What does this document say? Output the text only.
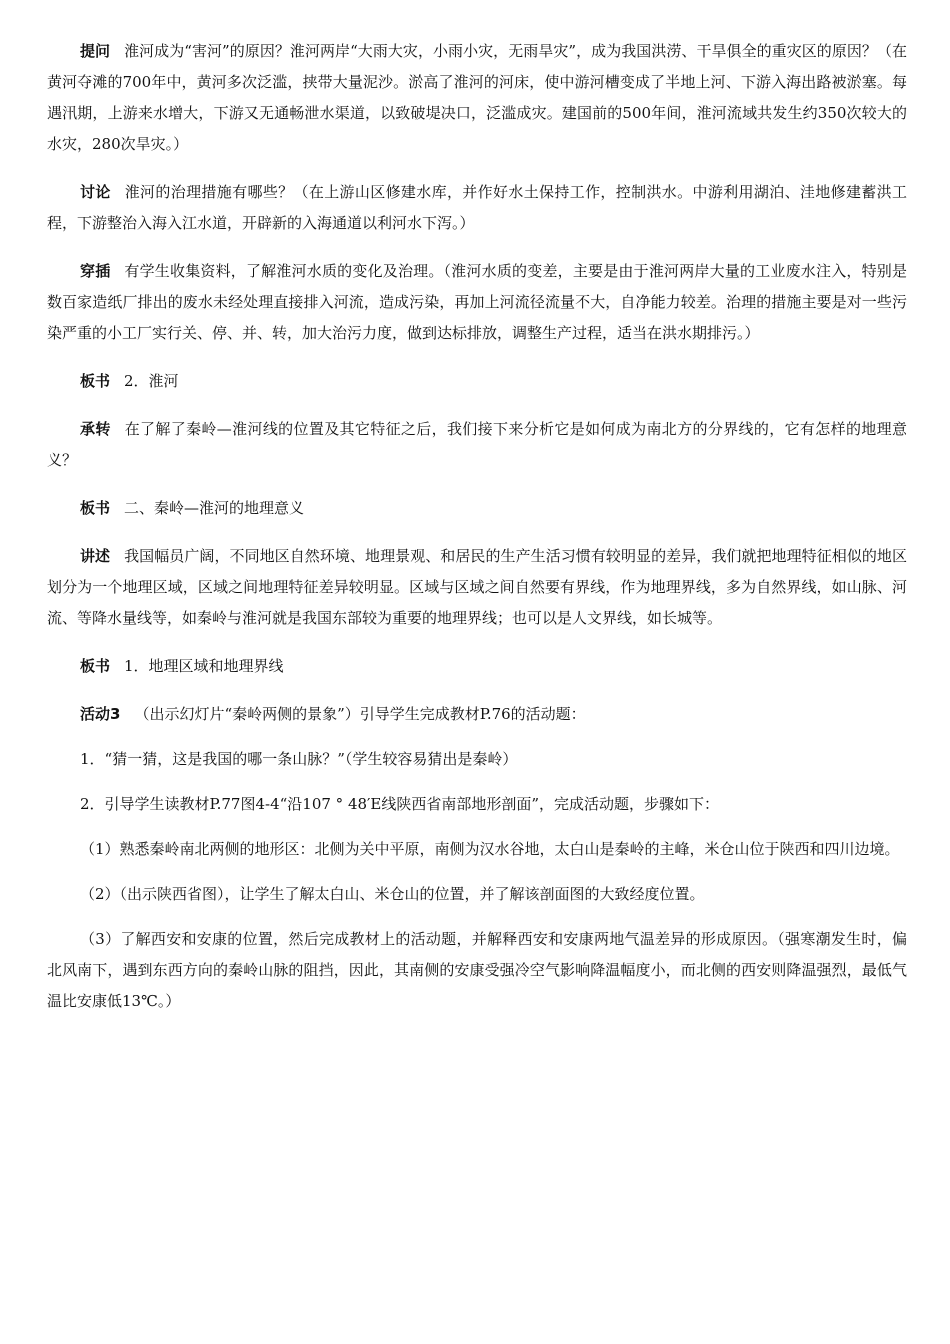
提问 淮河成为“害河”的原因？淮河两岸“大雨大灾，小雨小灾，无雨旱灾”，成为我国洪涝、干旱俱全的重灾区的原因？（在黄河夺滩的700年中，黄河多次泛滥，挟带大量泥沙。淤高了淮河的河床，使中游河槽变成了半地上河、下游入海出路被淤塞。每遇汛期，上游来水增大，下游又无通畅泄水渠道，以致破堤决口，泛滥成灾。建国前的500年间，淮河流域共发生约350次较大的水灾，280次旱灾。）

讨论 淮河的治理措施有哪些？（在上游山区修建水库，并作好水土保持工作，控制洪水。中游利用湖泊、洼地修建蓄洪工程，下游整治入海入江水道，开辟新的入海通道以利河水下泻。）

穿插 有学生收集资料，了解淮河水质的变化及治理。（淮河水质的变差，主要是由于淮河两岸大量的工业废水注入，特别是数百家造纸厂排出的废水未经处理直接排入河流，造成污染，再加上河流径流量不大，自净能力较差。治理的措施主要是对一些污染严重的小工厂实行关、停、并、转，加大治污力度，做到达标排放，调整生产过程，适当在洪水期排污。）

板书 2．淮河

承转 在了解了秦岭—淮河线的位置及其它特征之后，我们接下来分析它是如何成为南北方的分界线的，它有怎样的地理意义？

板书 二、秦岭—淮河的地理意义

讲述 我国幅员广阔，不同地区自然环境、地理景观、和居民的生产生活习惯有较明显的差异，我们就把地理特征相似的地区划分为一个地理区域，区域之间地理特征差异较明显。区域与区域之间自然要有界线，作为地理界线，多为自然界线，如山脉、河流、等降水量线等，如秦岭与淮河就是我国东部较为重要的地理界线；也可以是人文界线，如长城等。

板书 1．地理区域和地理界线

活动3 （出示幻灯片“秦岭两侧的景象”）引导学生完成教材P.76的活动题：

1．“猜一猜，这是我国的哪一条山脉？”（学生较容易猜出是秦岭）

2．引导学生读教材P.77图4-4“沿107 ° 48′E线陕西省南部地形剖面”，完成活动题，步骤如下：

（1）熟悉秦岭南北两侧的地形区：北侧为关中平原，南侧为汉水谷地，太白山是秦岭的主峰，米仓山位于陕西和四川边境。

（2）（出示陕西省图），让学生了解太白山、米仓山的位置，并了解该剖面图的大致经度位置。

（3）了解西安和安康的位置，然后完成教材上的活动题，并解释西安和安康两地气温差异的形成原因。（强寒潮发生时，偏北风南下，遇到东西方向的秦岭山脉的阻挡，因此，其南侧的安康受强冷空气影响降温幅度小，而北侧的西安则降温强烈，最低气温比安康低13℃。）
